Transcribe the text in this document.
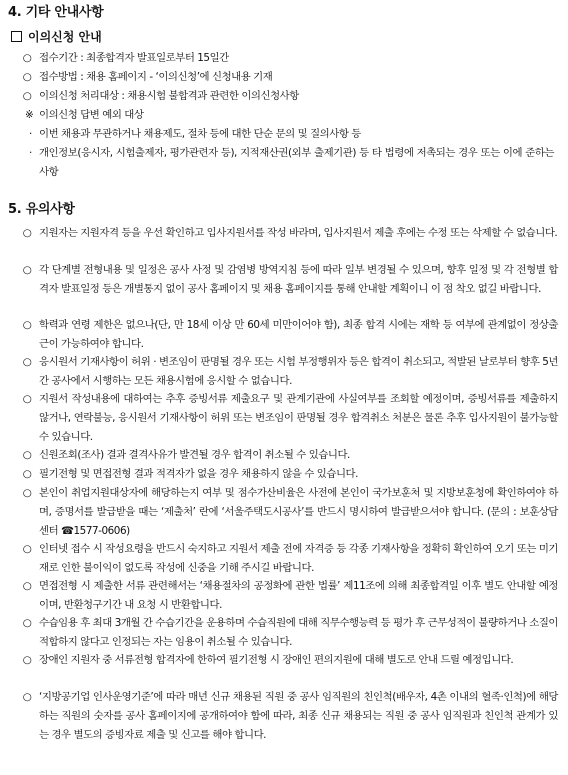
4. 기타 안내사항
이의신청 안내
○ 접수기간 : 최종합격자 발표일로부터 15일간
○ 접수방법 : 채용 홈페이지 - ‘이의신청’에 신청내용 기재
○ 이의신청 처리대상 : 채용시험 불합격과 관련한 이의신청사항
※ 이의신청 답변 예외 대상
· 이번 채용과 무관하거나 채용제도, 절차 등에 대한 단순 문의 및 질의사항 등
· 개인정보(응시자, 시험출제자, 평가관련자 등), 지적재산권(외부 출제기관) 등 타 법령에 저촉되는 경우 또는 이에 준하는 사항
5. 유의사항
○ 지원자는 지원자격 등을 우선 확인하고 입사지원서를 작성 바라며, 입사지원서 제출 후에는 수정 또는 삭제할 수 없습니다.
○ 각 단계별 전형내용 및 일정은 공사 사정 및 감염병 방역지침 등에 따라 일부 변경될 수 있으며, 향후 일정 및 각 전형별 합격자 발표일정 등은 개별통지 없이 공사 홈페이지 및 채용 홈페이지를 통해 안내할 계획이니 이 점 착오 없길 바랍니다.
○ 학력과 연령 제한은 없으나(단, 만 18세 이상 만 60세 미만이어야 함), 최종 합격 시에는 재학 등 여부에 관계없이 정상출근이 가능하여야 합니다.
○ 응시원서 기재사항이 허위 · 변조임이 판명될 경우 또는 시험 부정행위자 등은 합격이 취소되고, 적발된 날로부터 향후 5년간 공사에서 시행하는 모든 채용시험에 응시할 수 없습니다.
○ 지원서 작성내용에 대하여는 추후 증빙서류 제출요구 및 관계기관에 사실여부를 조회할 예정이며, 증빙서류를 제출하지 않거나, 연락불능, 응시원서 기재사항이 허위 또는 변조임이 판명될 경우 합격취소 처분은 물론 추후 입사지원이 불가능할 수 있습니다.
○ 신원조회(조사) 결과 결격사유가 발견될 경우 합격이 취소될 수 있습니다.
○ 필기전형 및 면접전형 결과 적격자가 없을 경우 채용하지 않을 수 있습니다.
○ 본인이 취업지원대상자에 해당하는지 여부 및 점수가산비율은 사전에 본인이 국가보훈처 및 지방보훈청에 확인하여야 하며, 증명서를 발급받을 때는 ‘제출처’ 란에 ‘서울주택도시공사’를 반드시 명시하여 발급받으셔야 합니다. (문의 : 보훈상담센터 ☎1577-0606)
○ 인터넷 접수 시 작성요령을 반드시 숙지하고 지원서 제출 전에 자격증 등 각종 기재사항을 정확히 확인하여 오기 또는 미기재로 인한 불이익이 없도록 작성에 신중을 기해 주시길 바랍니다.
○ 면접전형 시 제출한 서류 관련해서는 ‘채용절차의 공정화에 관한 법률’ 제11조에 의해 최종합격일 이후 별도 안내할 예정이며, 반환청구기간 내 요청 시 반환합니다.
○ 수습임용 후 최대 3개월 간 수습기간을 운용하며 수습직원에 대해 직무수행능력 등 평가 후 근무성적이 불량하거나 소질이 적합하지 않다고 인정되는 자는 임용이 취소될 수 있습니다.
○ 장애인 지원자 중 서류전형 합격자에 한하여 필기전형 시 장애인 편의지원에 대해 별도로 안내 드릴 예정입니다.
○ ‘지방공기업 인사운영기준’에 따라 매년 신규 채용된 직원 중 공사 임직원의 친인척(배우자, 4촌 이내의 혈족·인척)에 해당하는 직원의 숫자를 공사 홈페이지에 공개하여야 함에 따라, 최종 신규 채용되는 직원 중 공사 임직원과 친인척 관계가 있는 경우 별도의 증빙자료 제출 및 신고를 해야 합니다.
